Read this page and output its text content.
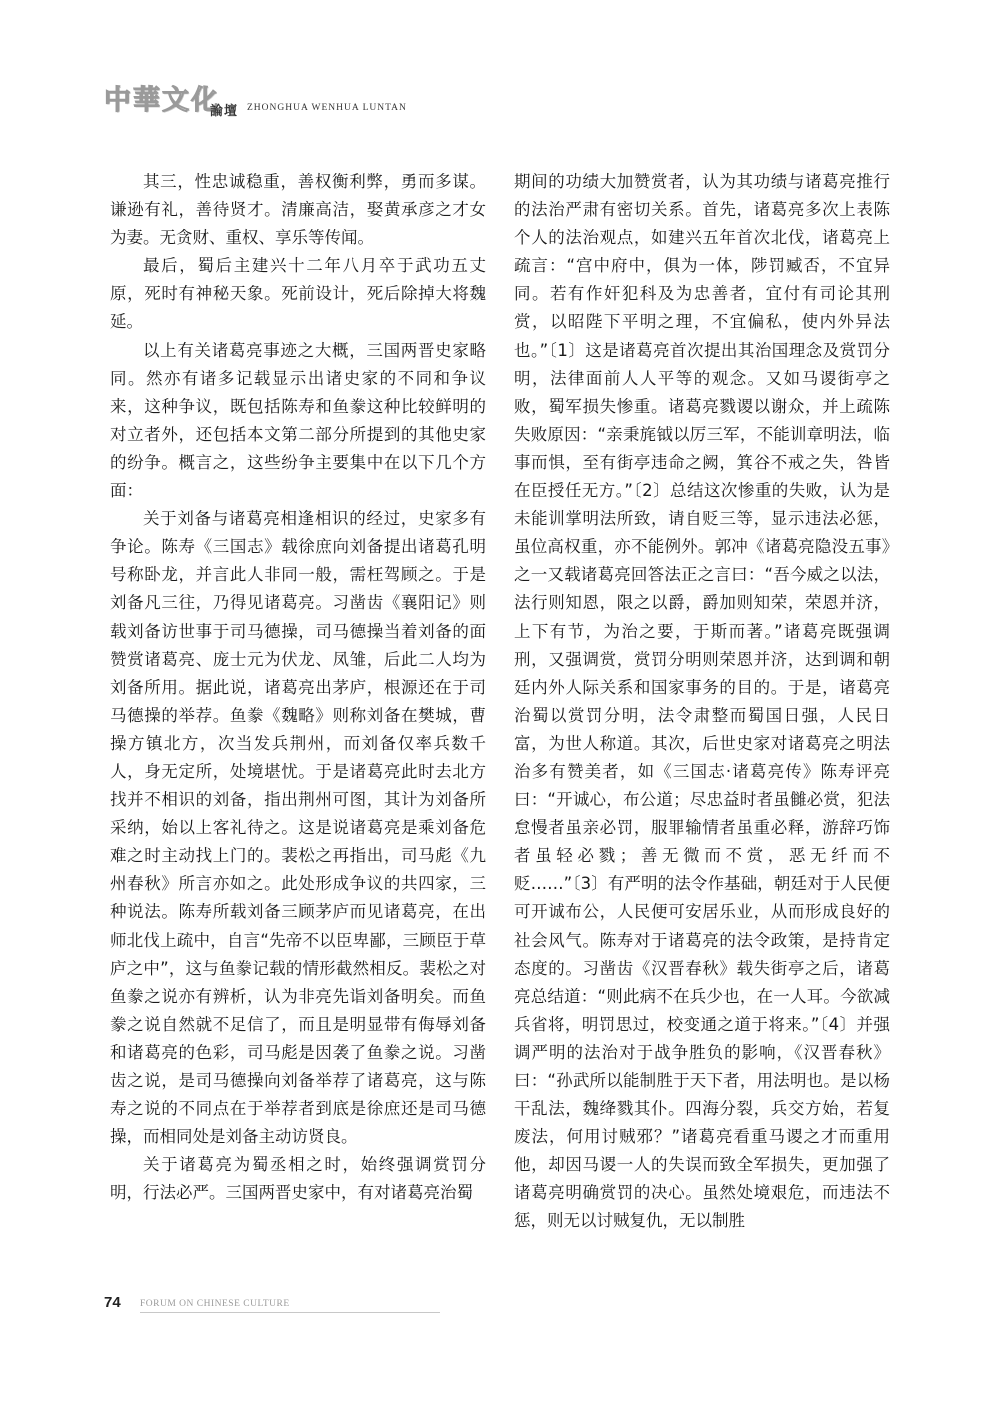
中華文化
論壇 ZHONGHUA WENHUA LUNTAN

其三，性忠诚稳重，善权衡利弊，勇而多谋。谦逊有礼，善待贤才。清廉高洁，娶黄承彦之才女为妻。无贪财、重权、享乐等传闻。

最后，蜀后主建兴十二年八月卒于武功五丈原，死时有神秘天象。死前设计，死后除掉大将魏延。

以上有关诸葛亮事迹之大概，三国两晋史家略同。然亦有诸多记载显示出诸史家的不同和争议来，这种争议，既包括陈寿和鱼豢这种比较鲜明的对立者外，还包括本文第二部分所提到的其他史家的纷争。概言之，这些纷争主要集中在以下几个方面：

关于刘备与诸葛亮相逢相识的经过，史家多有争论。陈寿《三国志》载徐庶向刘备提出诸葛孔明号称卧龙，并言此人非同一般，需枉驾顾之。于是刘备凡三往，乃得见诸葛亮。习凿齿《襄阳记》则载刘备访世事于司马德操，司马德操当着刘备的面赞赏诸葛亮、庞士元为伏龙、凤雏，后此二人均为刘备所用。据此说，诸葛亮出茅庐，根源还在于司马德操的举荐。鱼豢《魏略》则称刘备在樊城，曹操方镇北方，次当发兵荆州，而刘备仅率兵数千人，身无定所，处境堪忧。于是诸葛亮此时去北方找并不相识的刘备，指出荆州可图，其计为刘备所采纳，始以上客礼待之。这是说诸葛亮是乘刘备危难之时主动找上门的。裴松之再指出，司马彪《九州春秋》所言亦如之。此处形成争议的共四家，三种说法。陈寿所载刘备三顾茅庐而见诸葛亮，在出师北伐上疏中，自言“先帝不以臣卑鄙，三顾臣于草庐之中”，这与鱼豢记载的情形截然相反。裴松之对鱼豢之说亦有辨析，认为非亮先诣刘备明矣。而鱼豢之说自然就不足信了，而且是明显带有侮辱刘备和诸葛亮的色彩，司马彪是因袭了鱼豢之说。习凿齿之说，是司马德操向刘备举荐了诸葛亮，这与陈寿之说的不同点在于举荐者到底是徐庶还是司马德操，而相同处是刘备主动访贤良。

关于诸葛亮为蜀丞相之时，始终强调赏罚分明，行法必严。三国两晋史家中，有对诸葛亮治蜀

期间的功绩大加赞赏者，认为其功绩与诸葛亮推行的法治严肃有密切关系。首先，诸葛亮多次上表陈个人的法治观点，如建兴五年首次北伐，诸葛亮上疏言：“宫中府中，俱为一体，陟罚臧否，不宜异同。若有作奸犯科及为忠善者，宜付有司论其刑赏，以昭陛下平明之理，不宜偏私，使内外异法也。”〔1〕这是诸葛亮首次提出其治国理念及赏罚分明，法律面前人人平等的观念。又如马谡街亭之败，蜀军损失惨重。诸葛亮戮谡以谢众，并上疏陈失败原因：“亲秉旄钺以厉三军，不能训章明法，临事而惧，至有街亭违命之阙，箕谷不戒之失，咎皆在臣授任无方。”〔2〕总结这次惨重的失败，认为是未能训掌明法所致，请自贬三等，显示违法必惩，虽位高权重，亦不能例外。郭冲《诸葛亮隐没五事》之一又载诸葛亮回答法正之言曰：“吾今威之以法，法行则知恩，限之以爵，爵加则知荣，荣恩并济，上下有节，为治之要，于斯而著。”诸葛亮既强调刑，又强调赏，赏罚分明则荣恩并济，达到调和朝廷内外人际关系和国家事务的目的。于是，诸葛亮治蜀以赏罚分明，法令肃整而蜀国日强，人民日富，为世人称道。其次，后世史家对诸葛亮之明法治多有赞美者，如《三国志·诸葛亮传》陈寿评亮曰：“开诚心，布公道；尽忠益时者虽雠必赏，犯法怠慢者虽亲必罚，服罪输情者虽重必释，游辞巧饰者虽轻必戮；善无微而不赏，恶无纤而不贬……”〔3〕有严明的法令作基础，朝廷对于人民便可开诚布公，人民便可安居乐业，从而形成良好的社会风气。陈寿对于诸葛亮的法令政策，是持肯定态度的。习凿齿《汉晋春秋》载失街亭之后，诸葛亮总结道：“则此病不在兵少也，在一人耳。今欲减兵省将，明罚思过，校变通之道于将来。”〔4〕并强调严明的法治对于战争胜负的影响，《汉晋春秋》曰：“孙武所以能制胜于天下者，用法明也。是以杨干乱法，魏绛戮其仆。四海分裂，兵交方始，若复废法，何用讨贼邪？”诸葛亮看重马谡之才而重用他，却因马谡一人的失误而致全军损失，更加强了诸葛亮明确赏罚的决心。虽然处境艰危，而违法不惩，则无以讨贼复仇，无以制胜

74 FORUM ON CHINESE CULTURE
